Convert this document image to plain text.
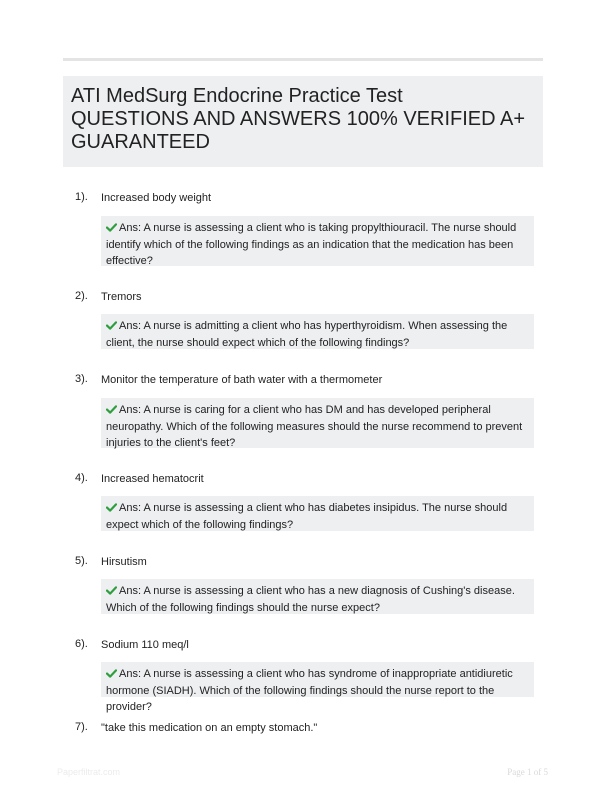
ATI MedSurg Endocrine Practice Test
QUESTIONS AND ANSWERS 100% VERIFIED A+
GUARANTEED
1). Increased body weight
Ans: A nurse is assessing a client who is taking propylthiouracil. The nurse should identify which of the following findings as an indication that the medication has been effective?
2). Tremors
Ans: A nurse is admitting a client who has hyperthyroidism. When assessing the client, the nurse should expect which of the following findings?
3). Monitor the temperature of bath water with a thermometer
Ans: A nurse is caring for a client who has DM and has developed peripheral neuropathy. Which of the following measures should the nurse recommend to prevent injuries to the client's feet?
4). Increased hematocrit
Ans: A nurse is assessing a client who has diabetes insipidus. The nurse should expect which of the following findings?
5). Hirsutism
Ans: A nurse is assessing a client who has a new diagnosis of Cushing's disease. Which of the following findings should the nurse expect?
6). Sodium 110 meq/l
Ans: A nurse is assessing a client who has syndrome of inappropriate antidiuretic hormone (SIADH). Which of the following findings should the nurse report to the provider?
7). "take this medication on an empty stomach."
Paperfiltrat.com	Page 1 of 5
